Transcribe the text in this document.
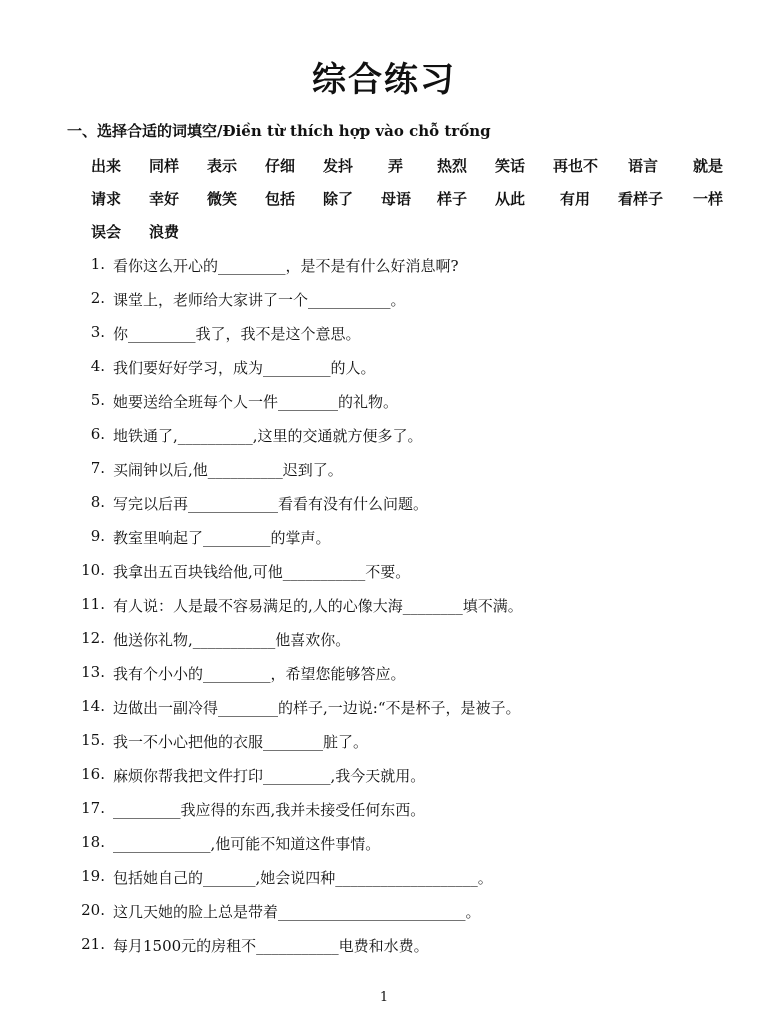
综合练习
一、选择合适的词填空/Điền từ thích hợp vào chỗ trống
出来 同样 表示 仔细 发抖 弄 热烈 笑话 再也不 语言 就是
请求 幸好 微笑 包括 除了 母语 样子 从此 有用 看样子 一样
误会 浪费
1. 看你这么开心的_________，是不是有什么好消息啊?
2. 课堂上，老师给大家讲了一个___________。
3. 你_________我了，我不是这个意思。
4. 我们要好好学习，成为_________的人。
5. 她要送给全班每个人一件________的礼物。
6. 地铁通了,__________,这里的交通就方便多了。
7. 买闹钟以后,他__________迟到了。
8. 写完以后再____________看看有没有什么问题。
9. 教室里响起了_________的掌声。
10. 我拿出五百块钱给他,可他___________不要。
11. 有人说：人是最不容易满足的,人的心像大海________填不满。
12. 他送你礼物,___________他喜欢你。
13. 我有个小小的_________，希望您能够答应。
14. 边做出一副冷得________的样子,一边说:“不是杯子，是被子。
15. 我一不小心把他的衣服________脏了。
16. 麻烦你帮我把文件打印_________,我今天就用。
17. _________我应得的东西,我并未接受任何东西。
18. _____________,他可能不知道这件事情。
19. 包括她自己的_______,她会说四种___________________。
20. 这几天她的脸上总是带着_________________________。
21. 每月1500元的房租不___________电费和水费。
1
